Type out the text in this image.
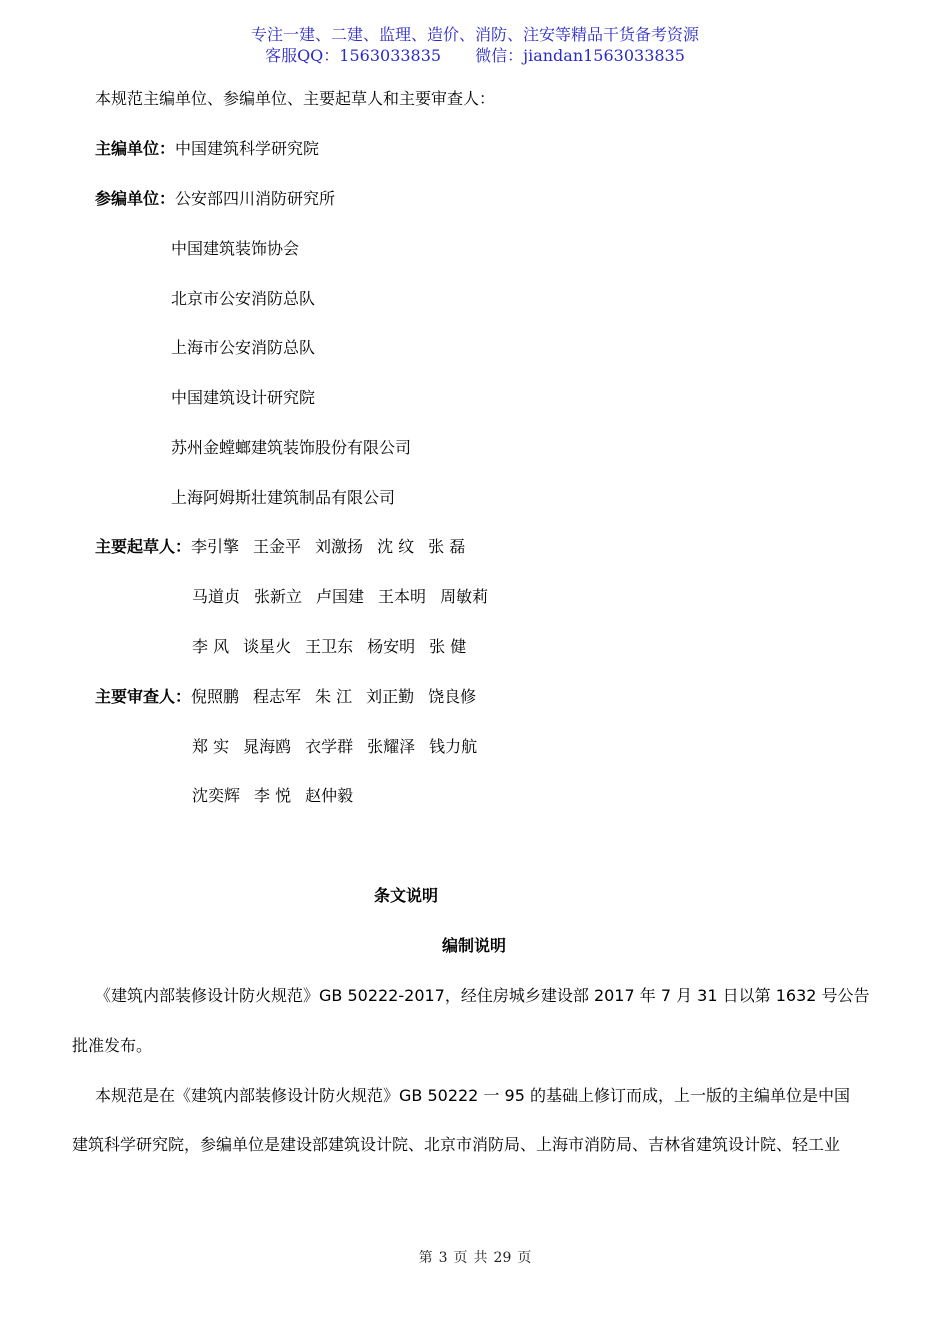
专注一建、二建、监理、造价、消防、注安等精品干货备考资源
客服QQ：1563033835 微信：jiandan1563033835
本规范主编单位、参编单位、主要起草人和主要审查人：
主编单位：中国建筑科学研究院
参编单位：公安部四川消防研究所
中国建筑装饰协会
北京市公安消防总队
上海市公安消防总队
中国建筑设计研究院
苏州金螳螂建筑装饰股份有限公司
上海阿姆斯壮建筑制品有限公司
主要起草人：李引擎 王金平 刘激扬 沈 纹 张 磊
马道贞 张新立 卢国建 王本明 周敏莉
李 风 谈星火 王卫东 杨安明 张 健
主要审查人：倪照鹏 程志军 朱 江 刘正勤 饶良修
郑 实 晁海鸥 衣学群 张耀泽 钱力航
沈奕辉 李 悦 赵仲毅
条文说明
编制说明
《建筑内部装修设计防火规范》GB 50222-2017，经住房城乡建设部 2017 年 7 月 31 日以第 1632 号公告
批准发布。
本规范是在《建筑内部装修设计防火规范》GB 50222 一 95 的基础上修订而成，上一版的主编单位是中国
建筑科学研究院，参编单位是建设部建筑设计院、北京市消防局、上海市消防局、吉林省建筑设计院、轻工业
第 3 页 共 29 页
